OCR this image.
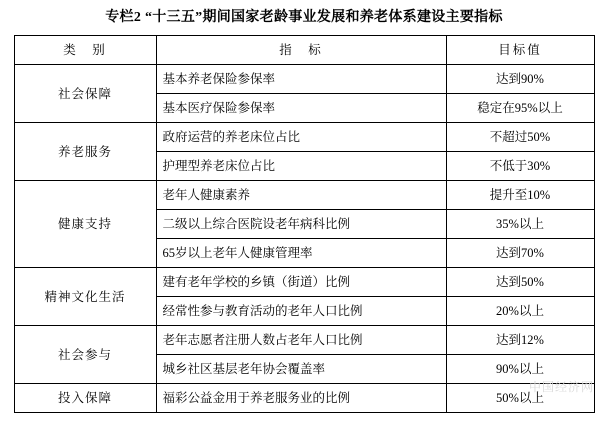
专栏2 “十三五”期间国家老龄事业发展和养老体系建设主要指标
类　别	指　标	目标值
社会保障	基本养老保险参保率	达到90%
	基本医疗保险参保率	稳定在95%以上
养老服务	政府运营的养老床位占比	不超过50%
	护理型养老床位占比	不低于30%
健康支持	老年人健康素养	提升至10%
	二级以上综合医院设老年病科比例	35%以上
	65岁以上老年人健康管理率	达到70%
精神文化生活	建有老年学校的乡镇（街道）比例	达到50%
	经常性参与教育活动的老年人口比例	20%以上
社会参与	老年志愿者注册人数占老年人口比例	达到12%
	城乡社区基层老年协会覆盖率	90%以上
投入保障	福彩公益金用于养老服务业的比例	50%以上
中国经济网
